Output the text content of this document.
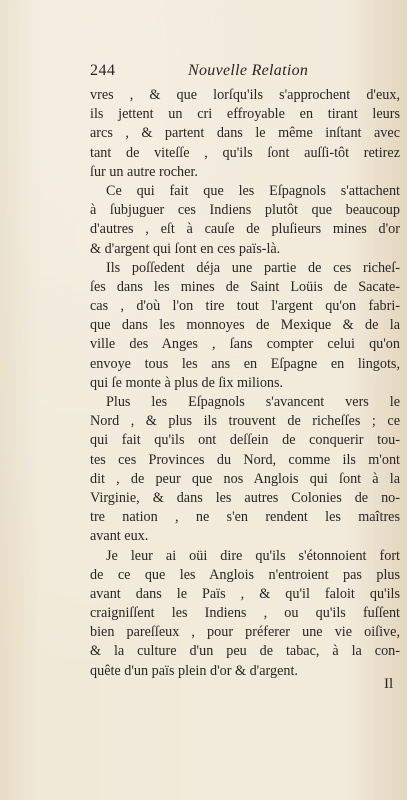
244	Nouvelle Relation
vres , & que lorſqu'ils s'approchent d'eux,
ils jettent un cri effroyable en tirant leurs
arcs , & partent dans le même inſtant avec
tant de viteſſe , qu'ils ſont auſſi-tôt retirez
ſur un autre rocher.
Ce qui fait que les Eſpagnols s'attachent
à ſubjuguer ces Indiens plutôt que beaucoup
d'autres , eſt à cauſe de pluſieurs mines d'or
& d'argent qui ſont en ces païs-là.
Ils poſſedent déja une partie de ces richeſ-
ſes dans les mines de Saint Loüis de Sacate-
cas , d'où l'on tire tout l'argent qu'on fabri-
que dans les monnoyes de Mexique & de la
ville des Anges , ſans compter celui qu'on
envoye tous les ans en Eſpagne en lingots,
qui ſe monte à plus de ſix milions.
Plus les Eſpagnols s'avancent vers le
Nord , & plus ils trouvent de richeſſes ; ce
qui fait qu'ils ont deſſein de conquerir tou-
tes ces Provinces du Nord, comme ils m'ont
dit , de peur que nos Anglois qui ſont à la
Virginie, & dans les autres Colonies de no-
tre nation , ne s'en rendent les maîtres
avant eux.
Je leur ai oüi dire qu'ils s'étonnoient fort
de ce que les Anglois n'entroient pas plus
avant dans le Païs , & qu'il faloit qu'ils
craigniſſent les Indiens , ou qu'ils fuſſent
bien pareſſeux , pour préferer une vie oiſive,
& la culture d'un peu de tabac, à la con-
quête d'un païs plein d'or & d'argent.
Il
